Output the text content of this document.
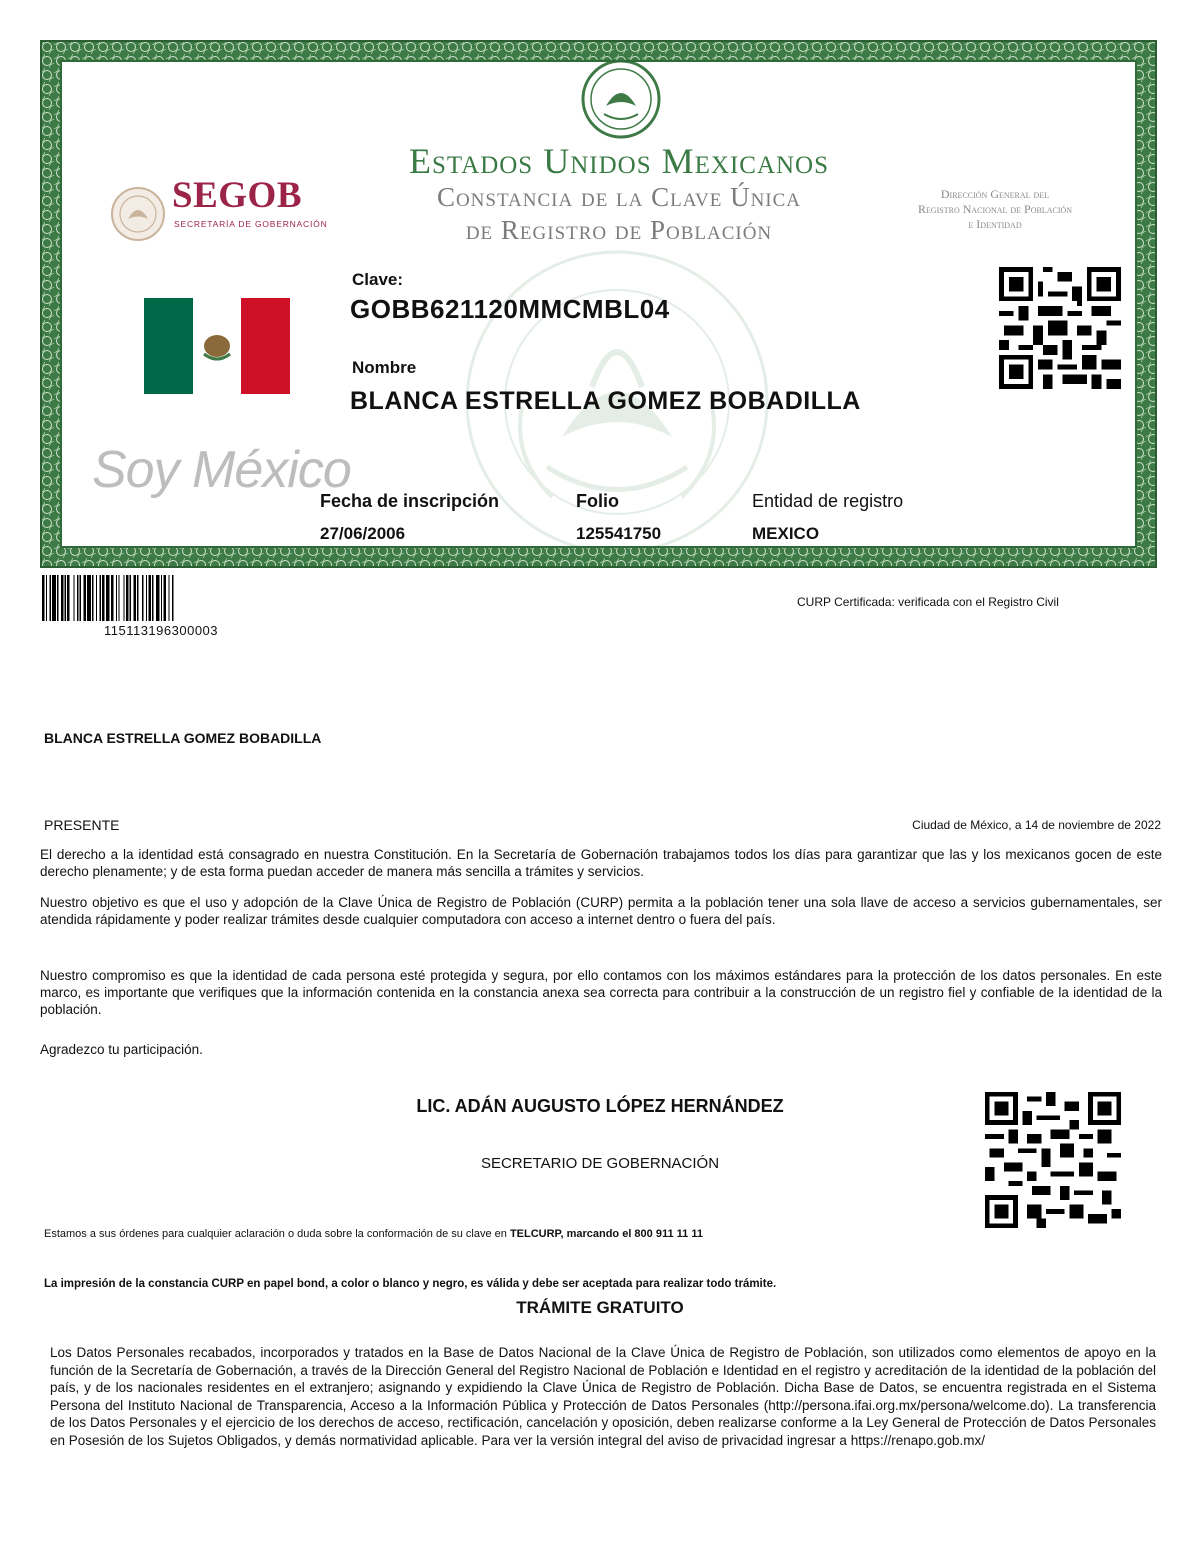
Estados Unidos Mexicanos
Constancia de la Clave Única
de Registro de Población
Dirección General del
Registro Nacional de Población
e Identidad
SEGOB
SECRETARÍA DE GOBERNACIÓN
Soy México
Clave:
GOBB621120MMCMBL04
Nombre
BLANCA ESTRELLA GOMEZ BOBADILLA
Fecha de inscripción
27/06/2006
Folio
125541750
Entidad de registro
MEXICO
115113196300003
CURP Certificada: verificada con el Registro Civil
BLANCA ESTRELLA GOMEZ BOBADILLA
PRESENTE	Ciudad de México, a 14 de noviembre de 2022
El derecho a la identidad está consagrado en nuestra Constitución. En la Secretaría de Gobernación trabajamos todos los días para garantizar que las y los mexicanos gocen de este derecho plenamente; y de esta forma puedan acceder de manera más sencilla a trámites y servicios.
Nuestro objetivo es que el uso y adopción de la Clave Única de Registro de Población (CURP) permita a la población tener una sola llave de acceso a servicios gubernamentales, ser atendida rápidamente y poder realizar trámites desde cualquier computadora con acceso a internet dentro o fuera del país.
Nuestro compromiso es que la identidad de cada persona esté protegida y segura, por ello contamos con los máximos estándares para la protección de los datos personales. En este marco, es importante que verifiques que la información contenida en la constancia anexa sea correcta para contribuir a la construcción de un registro fiel y confiable de la identidad de la población.
Agradezco tu participación.
LIC. ADÁN AUGUSTO LÓPEZ HERNÁNDEZ
SECRETARIO DE GOBERNACIÓN
Estamos a sus órdenes para cualquier aclaración o duda sobre la conformación de su clave en TELCURP, marcando el 800 911 11 11
La impresión de la constancia CURP en papel bond, a color o blanco y negro, es válida y debe ser aceptada para realizar todo trámite.
TRÁMITE GRATUITO
Los Datos Personales recabados, incorporados y tratados en la Base de Datos Nacional de la Clave Única de Registro de Población, son utilizados como elementos de apoyo en la función de la Secretaría de Gobernación, a través de la Dirección General del Registro Nacional de Población e Identidad en el registro y acreditación de la identidad de la población del país, y de los nacionales residentes en el extranjero; asignando y expidiendo la Clave Única de Registro de Población. Dicha Base de Datos, se encuentra registrada en el Sistema Persona del Instituto Nacional de Transparencia, Acceso a la Información Pública y Protección de Datos Personales (http://persona.ifai.org.mx/persona/welcome.do). La transferencia de los Datos Personales y el ejercicio de los derechos de acceso, rectificación, cancelación y oposición, deben realizarse conforme a la Ley General de Protección de Datos Personales en Posesión de los Sujetos Obligados, y demás normatividad aplicable. Para ver la versión integral del aviso de privacidad ingresar a https://renapo.gob.mx/
